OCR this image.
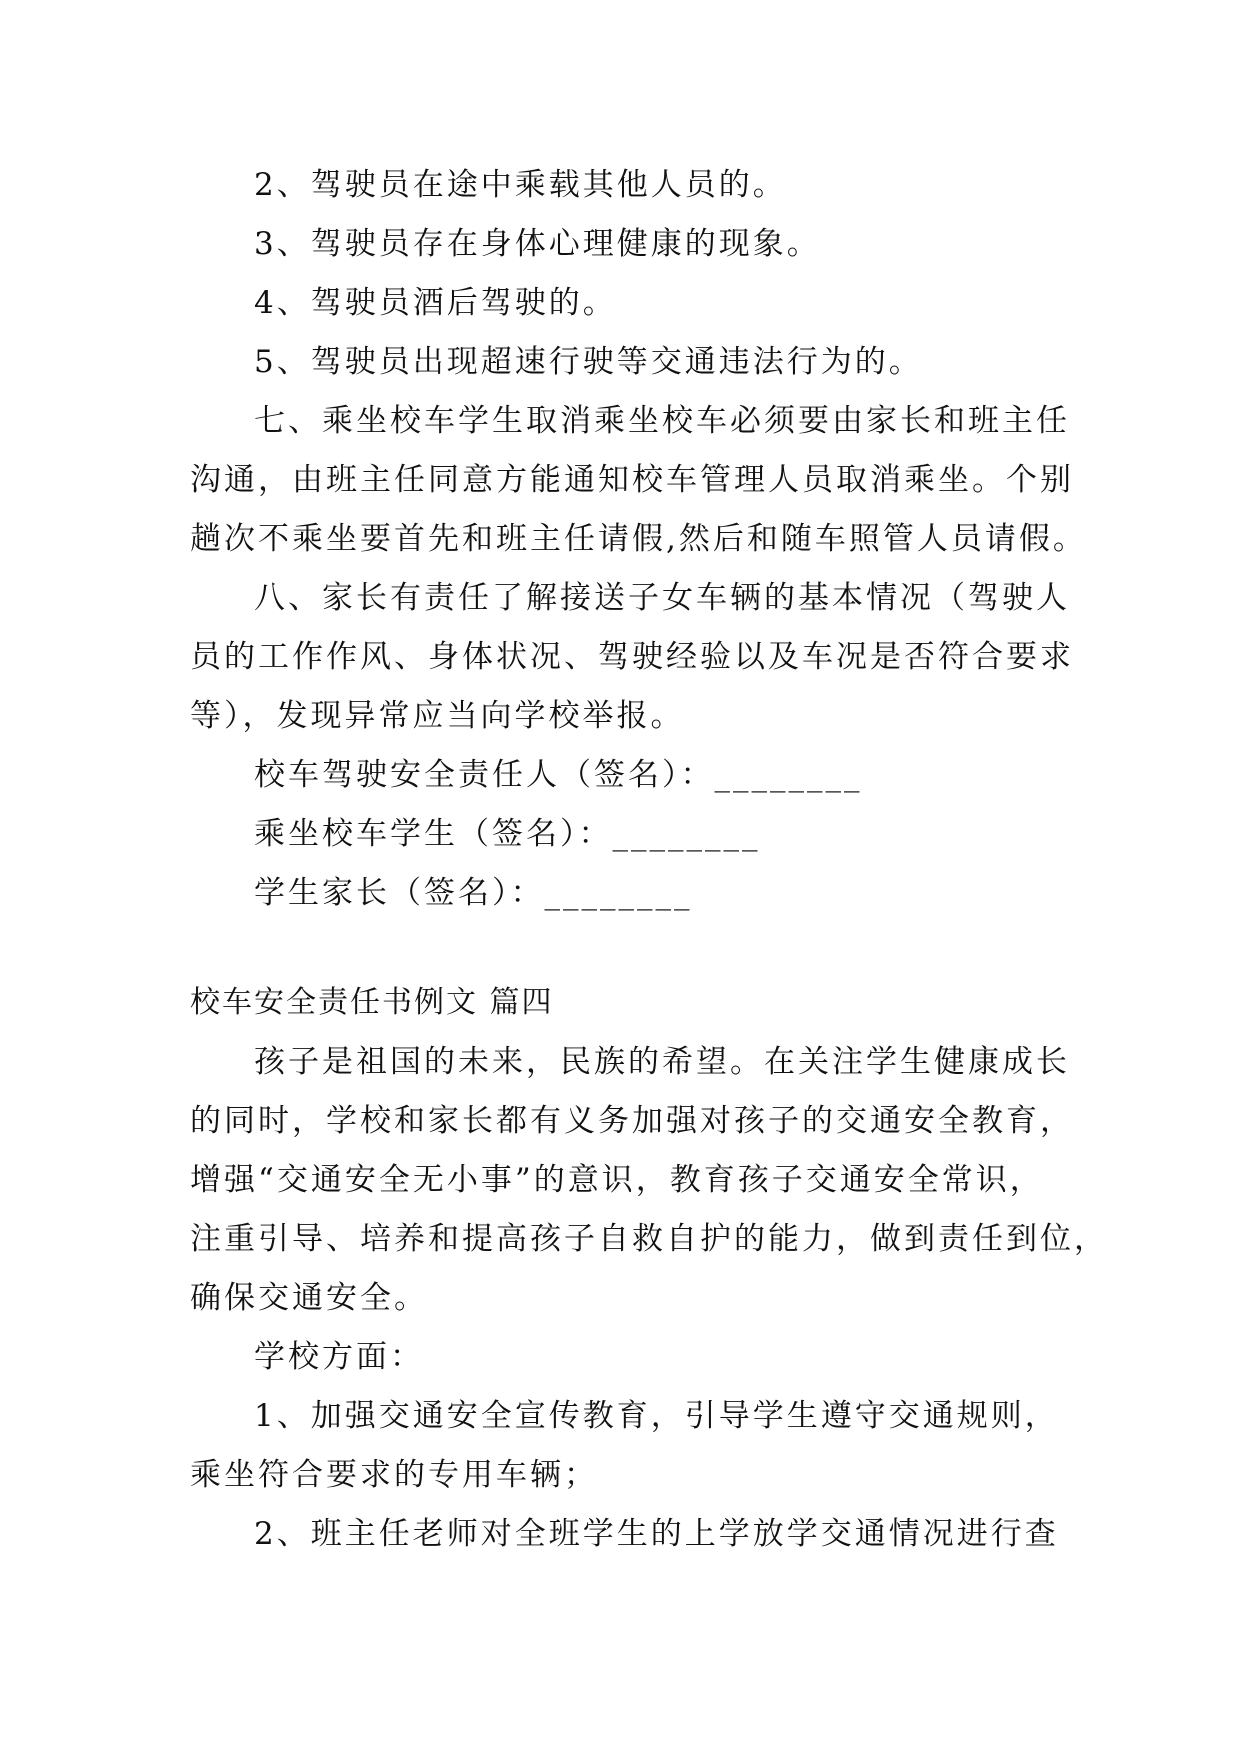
2、驾驶员在途中乘载其他人员的。
3、驾驶员存在身体心理健康的现象。
4、驾驶员酒后驾驶的。
5、驾驶员出现超速行驶等交通违法行为的。
七、乘坐校车学生取消乘坐校车必须要由家长和班主任
沟通，由班主任同意方能通知校车管理人员取消乘坐。个别
趟次不乘坐要首先和班主任请假,然后和随车照管人员请假。
八、家长有责任了解接送子女车辆的基本情况（驾驶人
员的工作作风、身体状况、驾驶经验以及车况是否符合要求
等），发现异常应当向学校举报。
校车驾驶安全责任人（签名）：________
乘坐校车学生（签名）：________
学生家长（签名）：________
校车安全责任书例文 篇四
孩子是祖国的未来，民族的希望。在关注学生健康成长
的同时，学校和家长都有义务加强对孩子的交通安全教育，
增强“交通安全无小事”的意识，教育孩子交通安全常识，
注重引导、培养和提高孩子自救自护的能力，做到责任到位，
确保交通安全。
学校方面：
1、加强交通安全宣传教育，引导学生遵守交通规则，
乘坐符合要求的专用车辆；
2、班主任老师对全班学生的上学放学交通情况进行查
